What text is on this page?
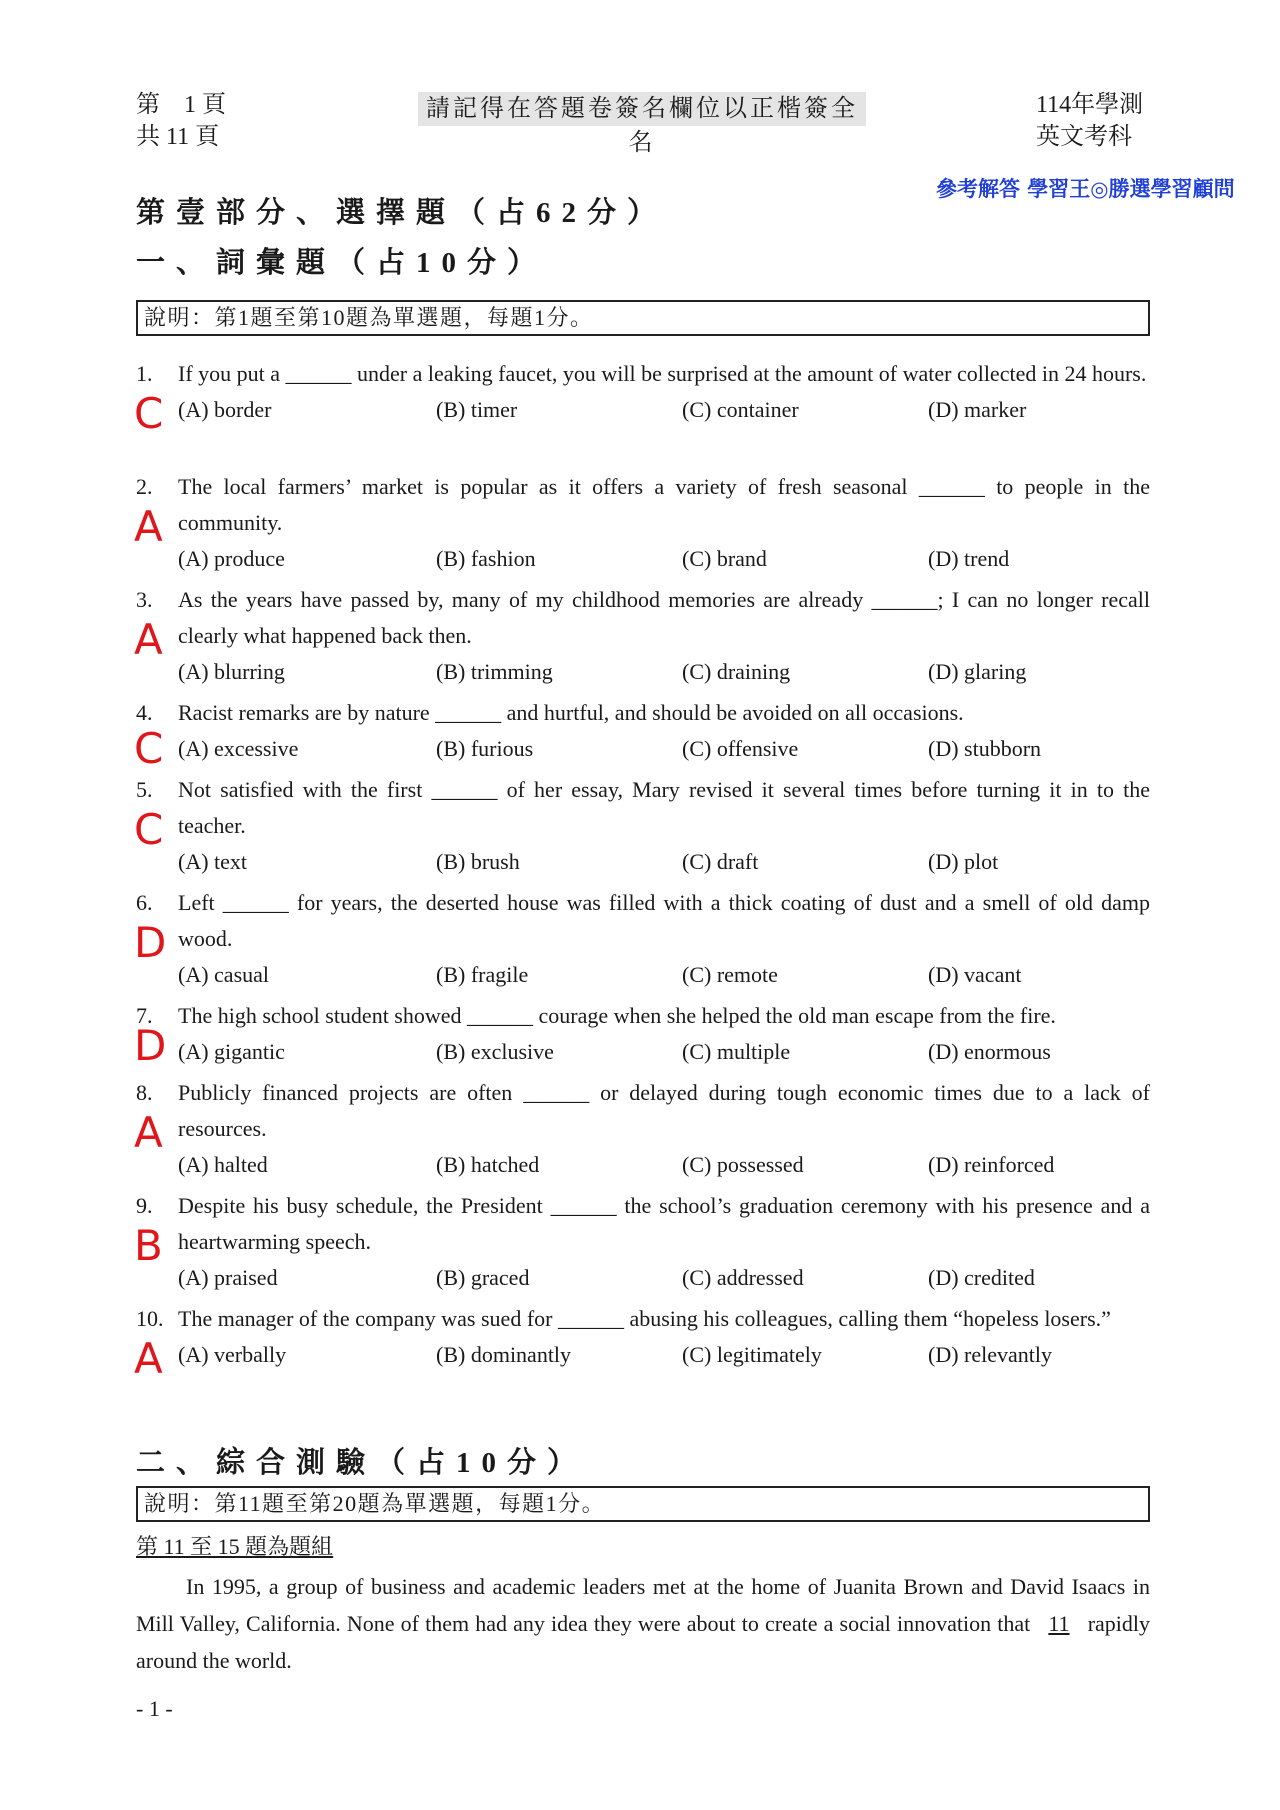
第　1 頁
共 11 頁
請記得在答題卷簽名欄位以正楷簽全名
114年學測
英文考科
參考解答 學習王◎勝選學習顧問
第壹部分、選擇題（占62分）
一、詞彙題（占10分）
說明：第1題至第10題為單選題，每題1分。
1. If you put a ______ under a leaking faucet, you will be surprised at the amount of water collected in 24 hours.
(A) border	(B) timer	(C) container	(D) marker
C
2. The local farmers’ market is popular as it offers a variety of fresh seasonal ______ to people in the community.
(A) produce	(B) fashion	(C) brand	(D) trend
A
3. As the years have passed by, many of my childhood memories are already ______; I can no longer recall clearly what happened back then.
(A) blurring	(B) trimming	(C) draining	(D) glaring
A
4. Racist remarks are by nature ______ and hurtful, and should be avoided on all occasions.
(A) excessive	(B) furious	(C) offensive	(D) stubborn
C
5. Not satisfied with the first ______ of her essay, Mary revised it several times before turning it in to the teacher.
(A) text	(B) brush	(C) draft	(D) plot
C
6. Left ______ for years, the deserted house was filled with a thick coating of dust and a smell of old damp wood.
(A) casual	(B) fragile	(C) remote	(D) vacant
D
7. The high school student showed ______ courage when she helped the old man escape from the fire.
(A) gigantic	(B) exclusive	(C) multiple	(D) enormous
D
8. Publicly financed projects are often ______ or delayed during tough economic times due to a lack of resources.
(A) halted	(B) hatched	(C) possessed	(D) reinforced
A
9. Despite his busy schedule, the President ______ the school’s graduation ceremony with his presence and a heartwarming speech.
(A) praised	(B) graced	(C) addressed	(D) credited
B
10. The manager of the company was sued for ______ abusing his colleagues, calling them “hopeless losers.”
(A) verbally	(B) dominantly	(C) legitimately	(D) relevantly
A
二、綜合測驗（占10分）
說明：第11題至第20題為單選題，每題1分。
第 11 至 15 題為題組
In 1995, a group of business and academic leaders met at the home of Juanita Brown and David Isaacs in Mill Valley, California. None of them had any idea they were about to create a social innovation that 11 rapidly around the world.
- 1 -
